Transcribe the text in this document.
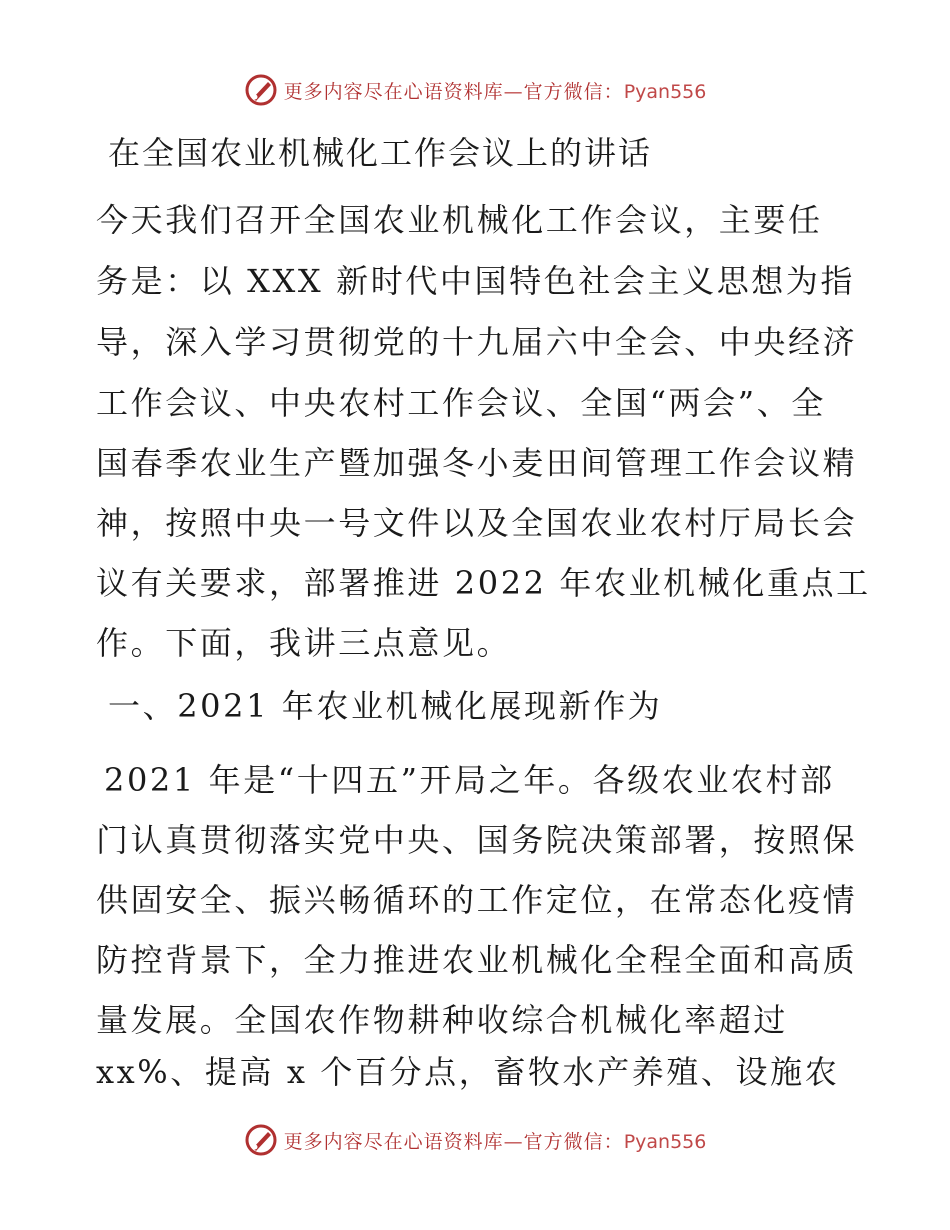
更多内容尽在心语资料库—官方微信：Pyan556
在全国农业机械化工作会议上的讲话
今天我们召开全国农业机械化工作会议，主要任
务是：以 XXX 新时代中国特色社会主义思想为指
导，深入学习贯彻党的十九届六中全会、中央经济
工作会议、中央农村工作会议、全国“两会”、全
国春季农业生产暨加强冬小麦田间管理工作会议精
神，按照中央一号文件以及全国农业农村厅局长会
议有关要求，部署推进 2022 年农业机械化重点工
作。下面，我讲三点意见。
一、2021 年农业机械化展现新作为
2021 年是“十四五”开局之年。各级农业农村部
门认真贯彻落实党中央、国务院决策部署，按照保
供固安全、振兴畅循环的工作定位，在常态化疫情
防控背景下，全力推进农业机械化全程全面和高质
量发展。全国农作物耕种收综合机械化率超过
xx%、提高 x 个百分点，畜牧水产养殖、设施农
更多内容尽在心语资料库—官方微信：Pyan556
